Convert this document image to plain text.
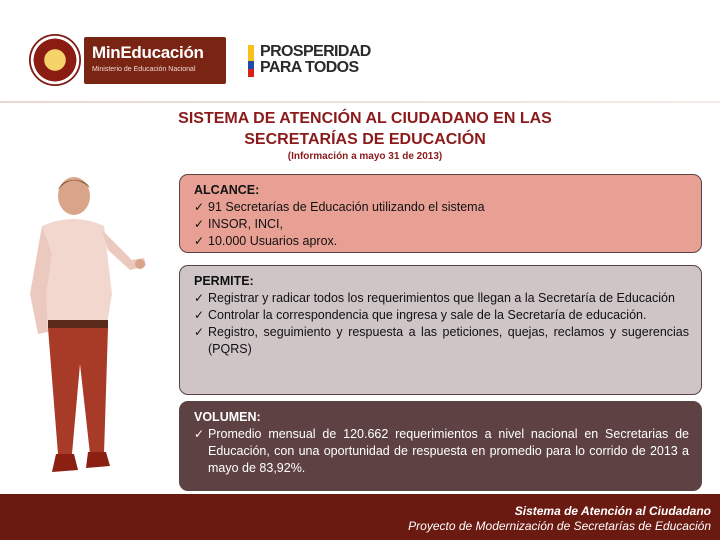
MinEducación
Ministerio de Educación Nacional
PROSPERIDAD
PARA TODOS
SISTEMA DE ATENCIÓN AL CIUDADANO EN LAS
SECRETARÍAS DE EDUCACIÓN
(Información a mayo 31 de 2013)
ALCANCE:
✓ 91 Secretarías de Educación utilizando el sistema
✓ INSOR, INCI,
✓ 10.000 Usuarios aprox.
PERMITE:
✓ Registrar y radicar todos los requerimientos que llegan a la Secretaría de Educación
✓ Controlar la correspondencia que ingresa y sale de la Secretaría de educación.
✓ Registro, seguimiento y respuesta a las peticiones, quejas, reclamos y sugerencias (PQRS)
VOLUMEN:
✓ Promedio mensual de 120.662 requerimientos a nivel nacional en Secretarias de Educación, con una oportunidad de respuesta en promedio para lo corrido de 2013 a mayo de 83,92%.
Sistema de Atención al Ciudadano
Proyecto de Modernización de Secretarías de Educación
